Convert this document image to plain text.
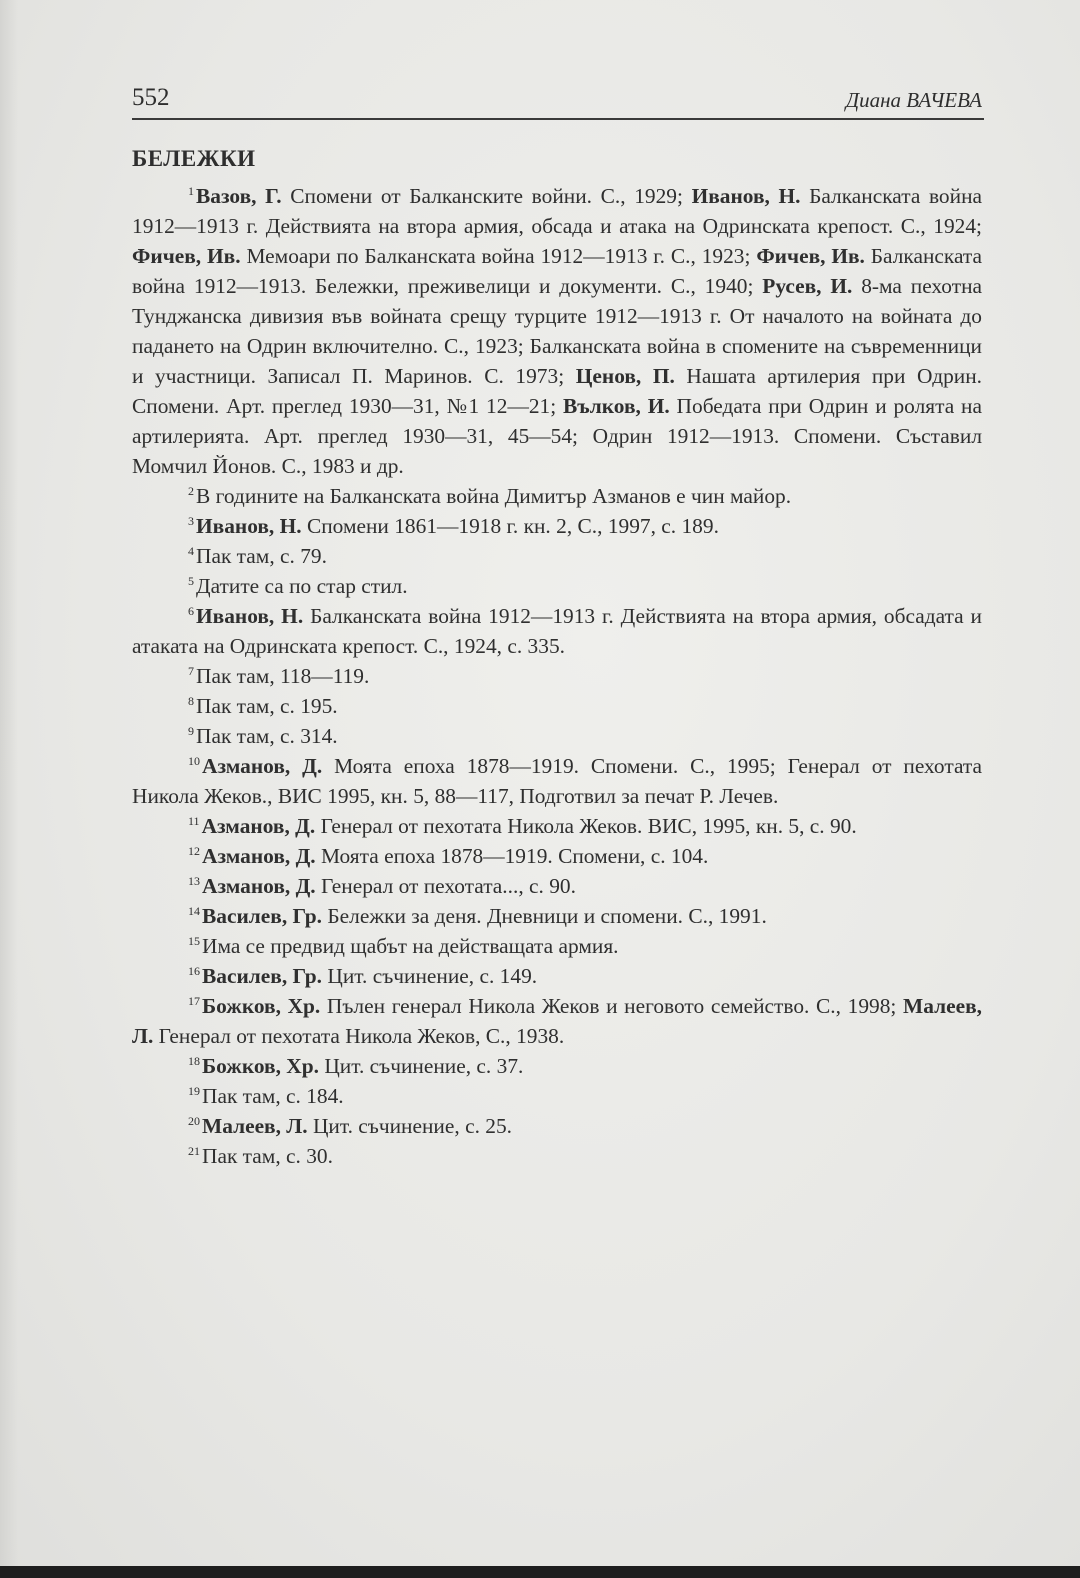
552	Диана ВАЧЕВА
БЕЛЕЖКИ

$^1$Вазов, Г. Спомени от Балканските войни. С., 1929; Иванов, Н. Балканската война 1912—1913 г. Действията на втора армия, обсада и атака на Одринската крепост. С., 1924; Фичев, Ив. Мемоари по Балканската война 1912—1913 г. С., 1923; Фичев, Ив. Балканската война 1912—1913. Бележки, преживелици и документи. С., 1940; Русев, И. 8-ма пехотна Тунджанска дивизия във войната срещу турците 1912—1913 г. От началото на войната до падането на Одрин включително. С., 1923; Балканската война в спомените на съвременници и участници. Записал П. Маринов. С. 1973; Ценов, П. Нашата артилерия при Одрин. Спомени. Арт. преглед 1930—31, №1 12—21; Вълков, И. Победата при Одрин и ролята на артилерията. Арт. преглед 1930—31, 45—54; Одрин 1912—1913. Спомени. Съставил Момчил Йонов. С., 1983 и др.

$^2$В годините на Балканската война Димитър Азманов е чин майор.

$^3$Иванов, Н. Спомени 1861—1918 г. кн. 2, С., 1997, с. 189.

$^4$Пак там, с. 79.

$^5$Датите са по стар стил.

$^6$Иванов, Н. Балканската война 1912—1913 г. Действията на втора армия, обсадата и атаката на Одринската крепост. С., 1924, с. 335.

$^7$Пак там, 118—119.

$^8$Пак там, с. 195.

$^9$Пак там, с. 314.

$^{10}$Азманов, Д. Моята епоха 1878—1919. Спомени. С., 1995; Генерал от пехотата Никола Жеков., ВИС 1995, кн. 5, 88—117, Подготвил за печат Р. Лечев.

$^{11}$Азманов, Д. Генерал от пехотата Никола Жеков. ВИС, 1995, кн. 5, с. 90.

$^{12}$Азманов, Д. Моята епоха 1878—1919. Спомени, с. 104.

$^{13}$Азманов, Д. Генерал от пехотата..., с. 90.

$^{14}$Василев, Гр. Бележки за деня. Дневници и спомени. С., 1991.

$^{15}$Има се предвид щабът на действащата армия.

$^{16}$Василев, Гр. Цит. съчинение, с. 149.

$^{17}$Божков, Хр. Пълен генерал Никола Жеков и неговото семейство. С., 1998; Малеев, Л. Генерал от пехотата Никола Жеков, С., 1938.

$^{18}$Божков, Хр. Цит. съчинение, с. 37.

$^{19}$Пак там, с. 184.

$^{20}$Малеев, Л. Цит. съчинение, с. 25.

$^{21}$Пак там, с. 30.
